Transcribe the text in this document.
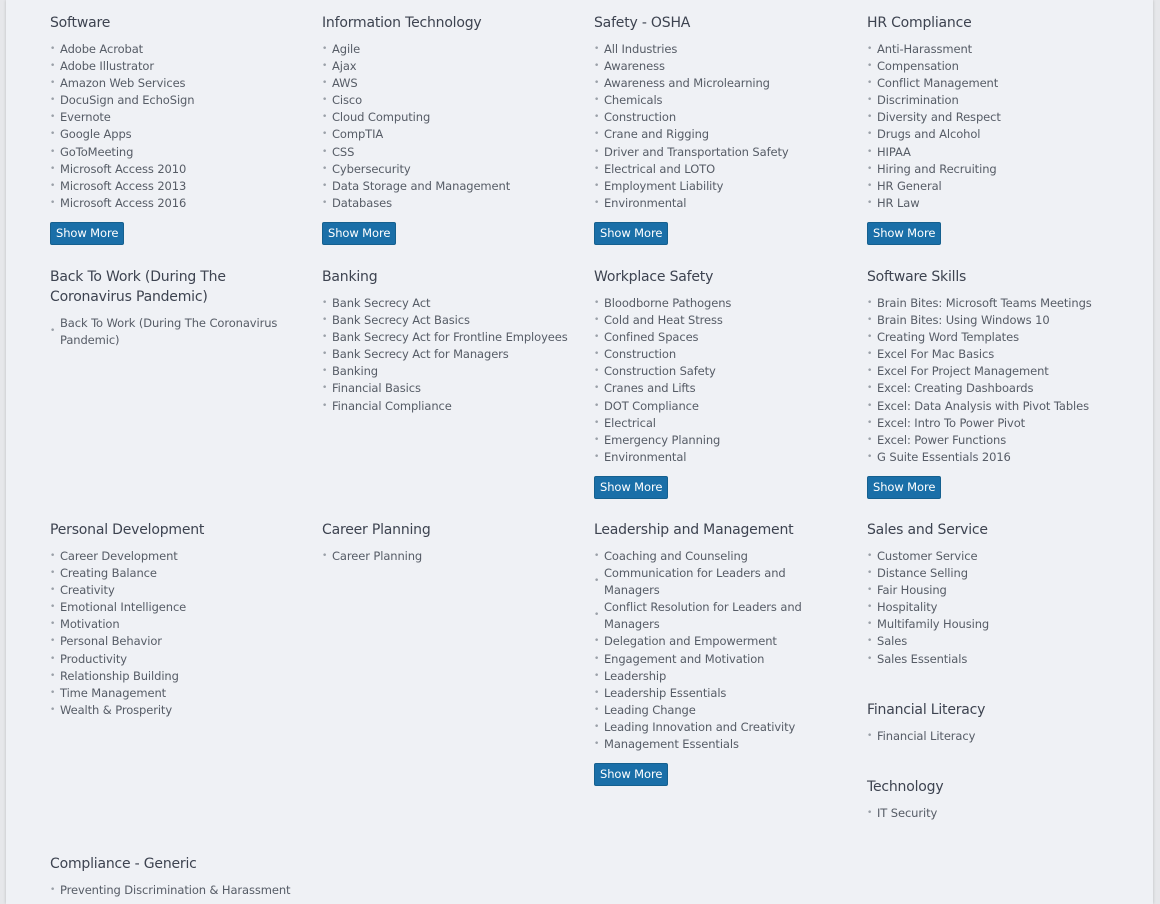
Software
• Adobe Acrobat
• Adobe Illustrator
• Amazon Web Services
• DocuSign and EchoSign
• Evernote
• Google Apps
• GoToMeeting
• Microsoft Access 2010
• Microsoft Access 2013
• Microsoft Access 2016
Show More
Information Technology
• Agile
• Ajax
• AWS
• Cisco
• Cloud Computing
• CompTIA
• CSS
• Cybersecurity
• Data Storage and Management
• Databases
Show More
Safety - OSHA
• All Industries
• Awareness
• Awareness and Microlearning
• Chemicals
• Construction
• Crane and Rigging
• Driver and Transportation Safety
• Electrical and LOTO
• Employment Liability
• Environmental
Show More
HR Compliance
• Anti-Harassment
• Compensation
• Conflict Management
• Discrimination
• Diversity and Respect
• Drugs and Alcohol
• HIPAA
• Hiring and Recruiting
• HR General
• HR Law
Show More
Back To Work (During The Coronavirus Pandemic)
• Back To Work (During The Coronavirus Pandemic)
Banking
• Bank Secrecy Act
• Bank Secrecy Act Basics
• Bank Secrecy Act for Frontline Employees
• Bank Secrecy Act for Managers
• Banking
• Financial Basics
• Financial Compliance
Workplace Safety
• Bloodborne Pathogens
• Cold and Heat Stress
• Confined Spaces
• Construction
• Construction Safety
• Cranes and Lifts
• DOT Compliance
• Electrical
• Emergency Planning
• Environmental
Show More
Software Skills
• Brain Bites: Microsoft Teams Meetings
• Brain Bites: Using Windows 10
• Creating Word Templates
• Excel For Mac Basics
• Excel For Project Management
• Excel: Creating Dashboards
• Excel: Data Analysis with Pivot Tables
• Excel: Intro To Power Pivot
• Excel: Power Functions
• G Suite Essentials 2016
Show More
Personal Development
• Career Development
• Creating Balance
• Creativity
• Emotional Intelligence
• Motivation
• Personal Behavior
• Productivity
• Relationship Building
• Time Management
• Wealth & Prosperity
Career Planning
• Career Planning
Leadership and Management
• Coaching and Counseling
• Communication for Leaders and Managers
• Conflict Resolution for Leaders and Managers
• Delegation and Empowerment
• Engagement and Motivation
• Leadership
• Leadership Essentials
• Leading Change
• Leading Innovation and Creativity
• Management Essentials
Show More
Sales and Service
• Customer Service
• Distance Selling
• Fair Housing
• Hospitality
• Multifamily Housing
• Sales
• Sales Essentials
Financial Literacy
• Financial Literacy
Technology
• IT Security
Compliance - Generic
• Preventing Discrimination & Harassment
